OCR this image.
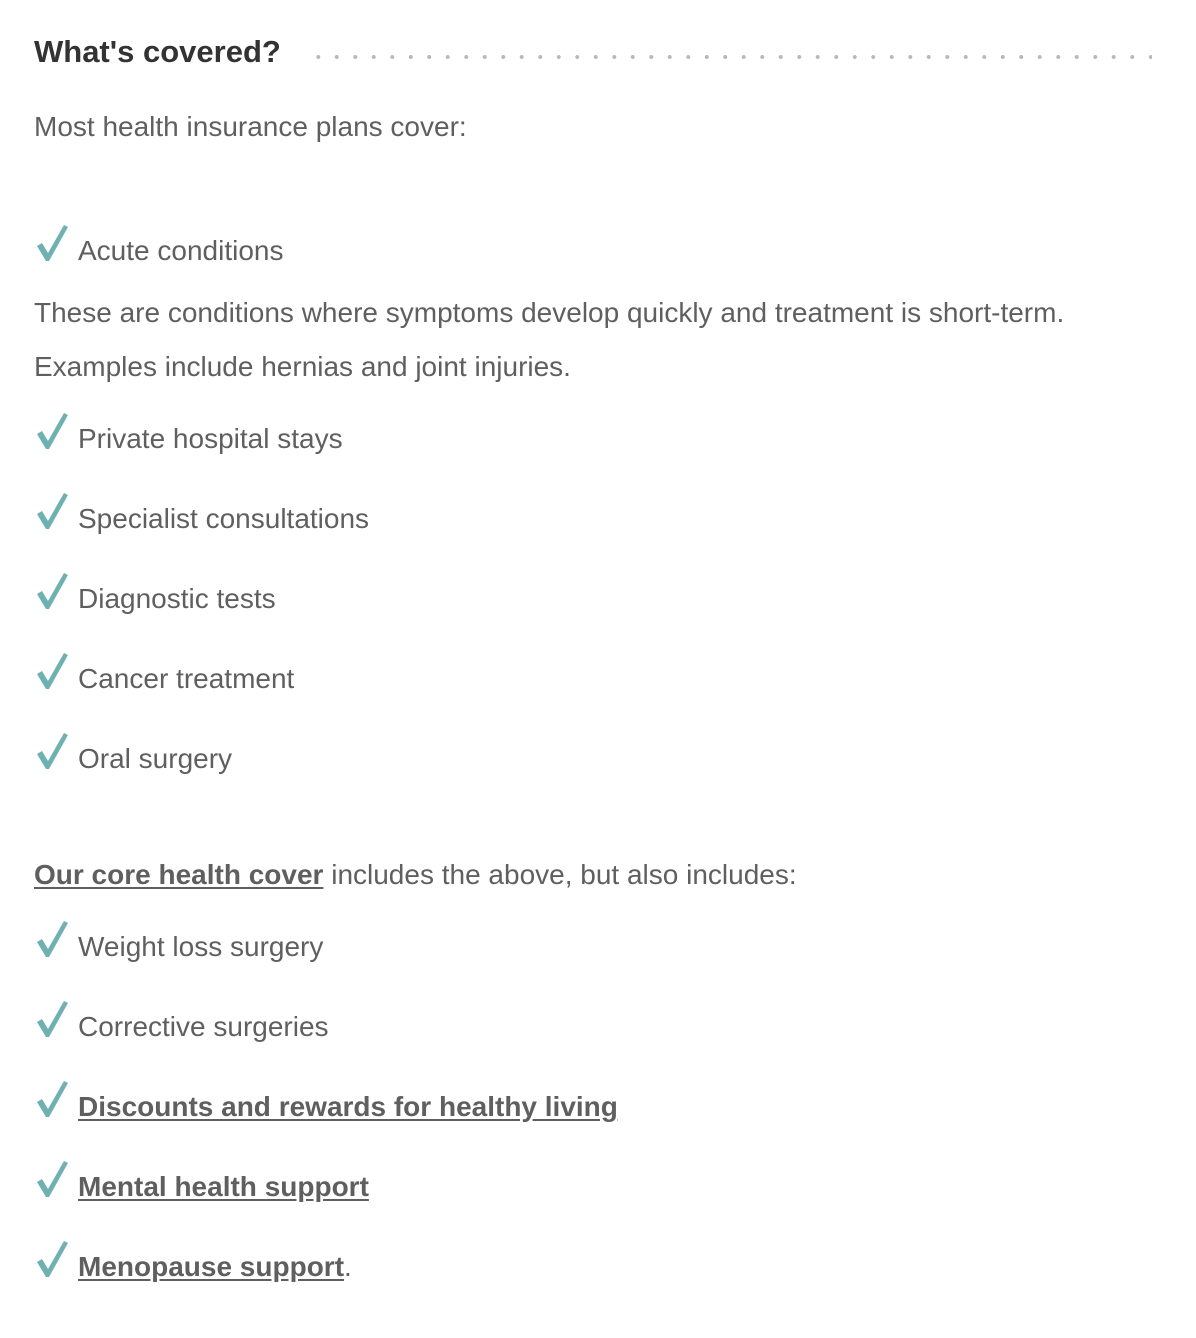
What's covered?

Most health insurance plans cover:

Acute conditions
These are conditions where symptoms develop quickly and treatment is short-term.
Examples include hernias and joint injuries.
Private hospital stays
Specialist consultations
Diagnostic tests
Cancer treatment
Oral surgery

Our core health cover includes the above, but also includes:

Weight loss surgery
Corrective surgeries
Discounts and rewards for healthy living
Mental health support
Menopause support.
